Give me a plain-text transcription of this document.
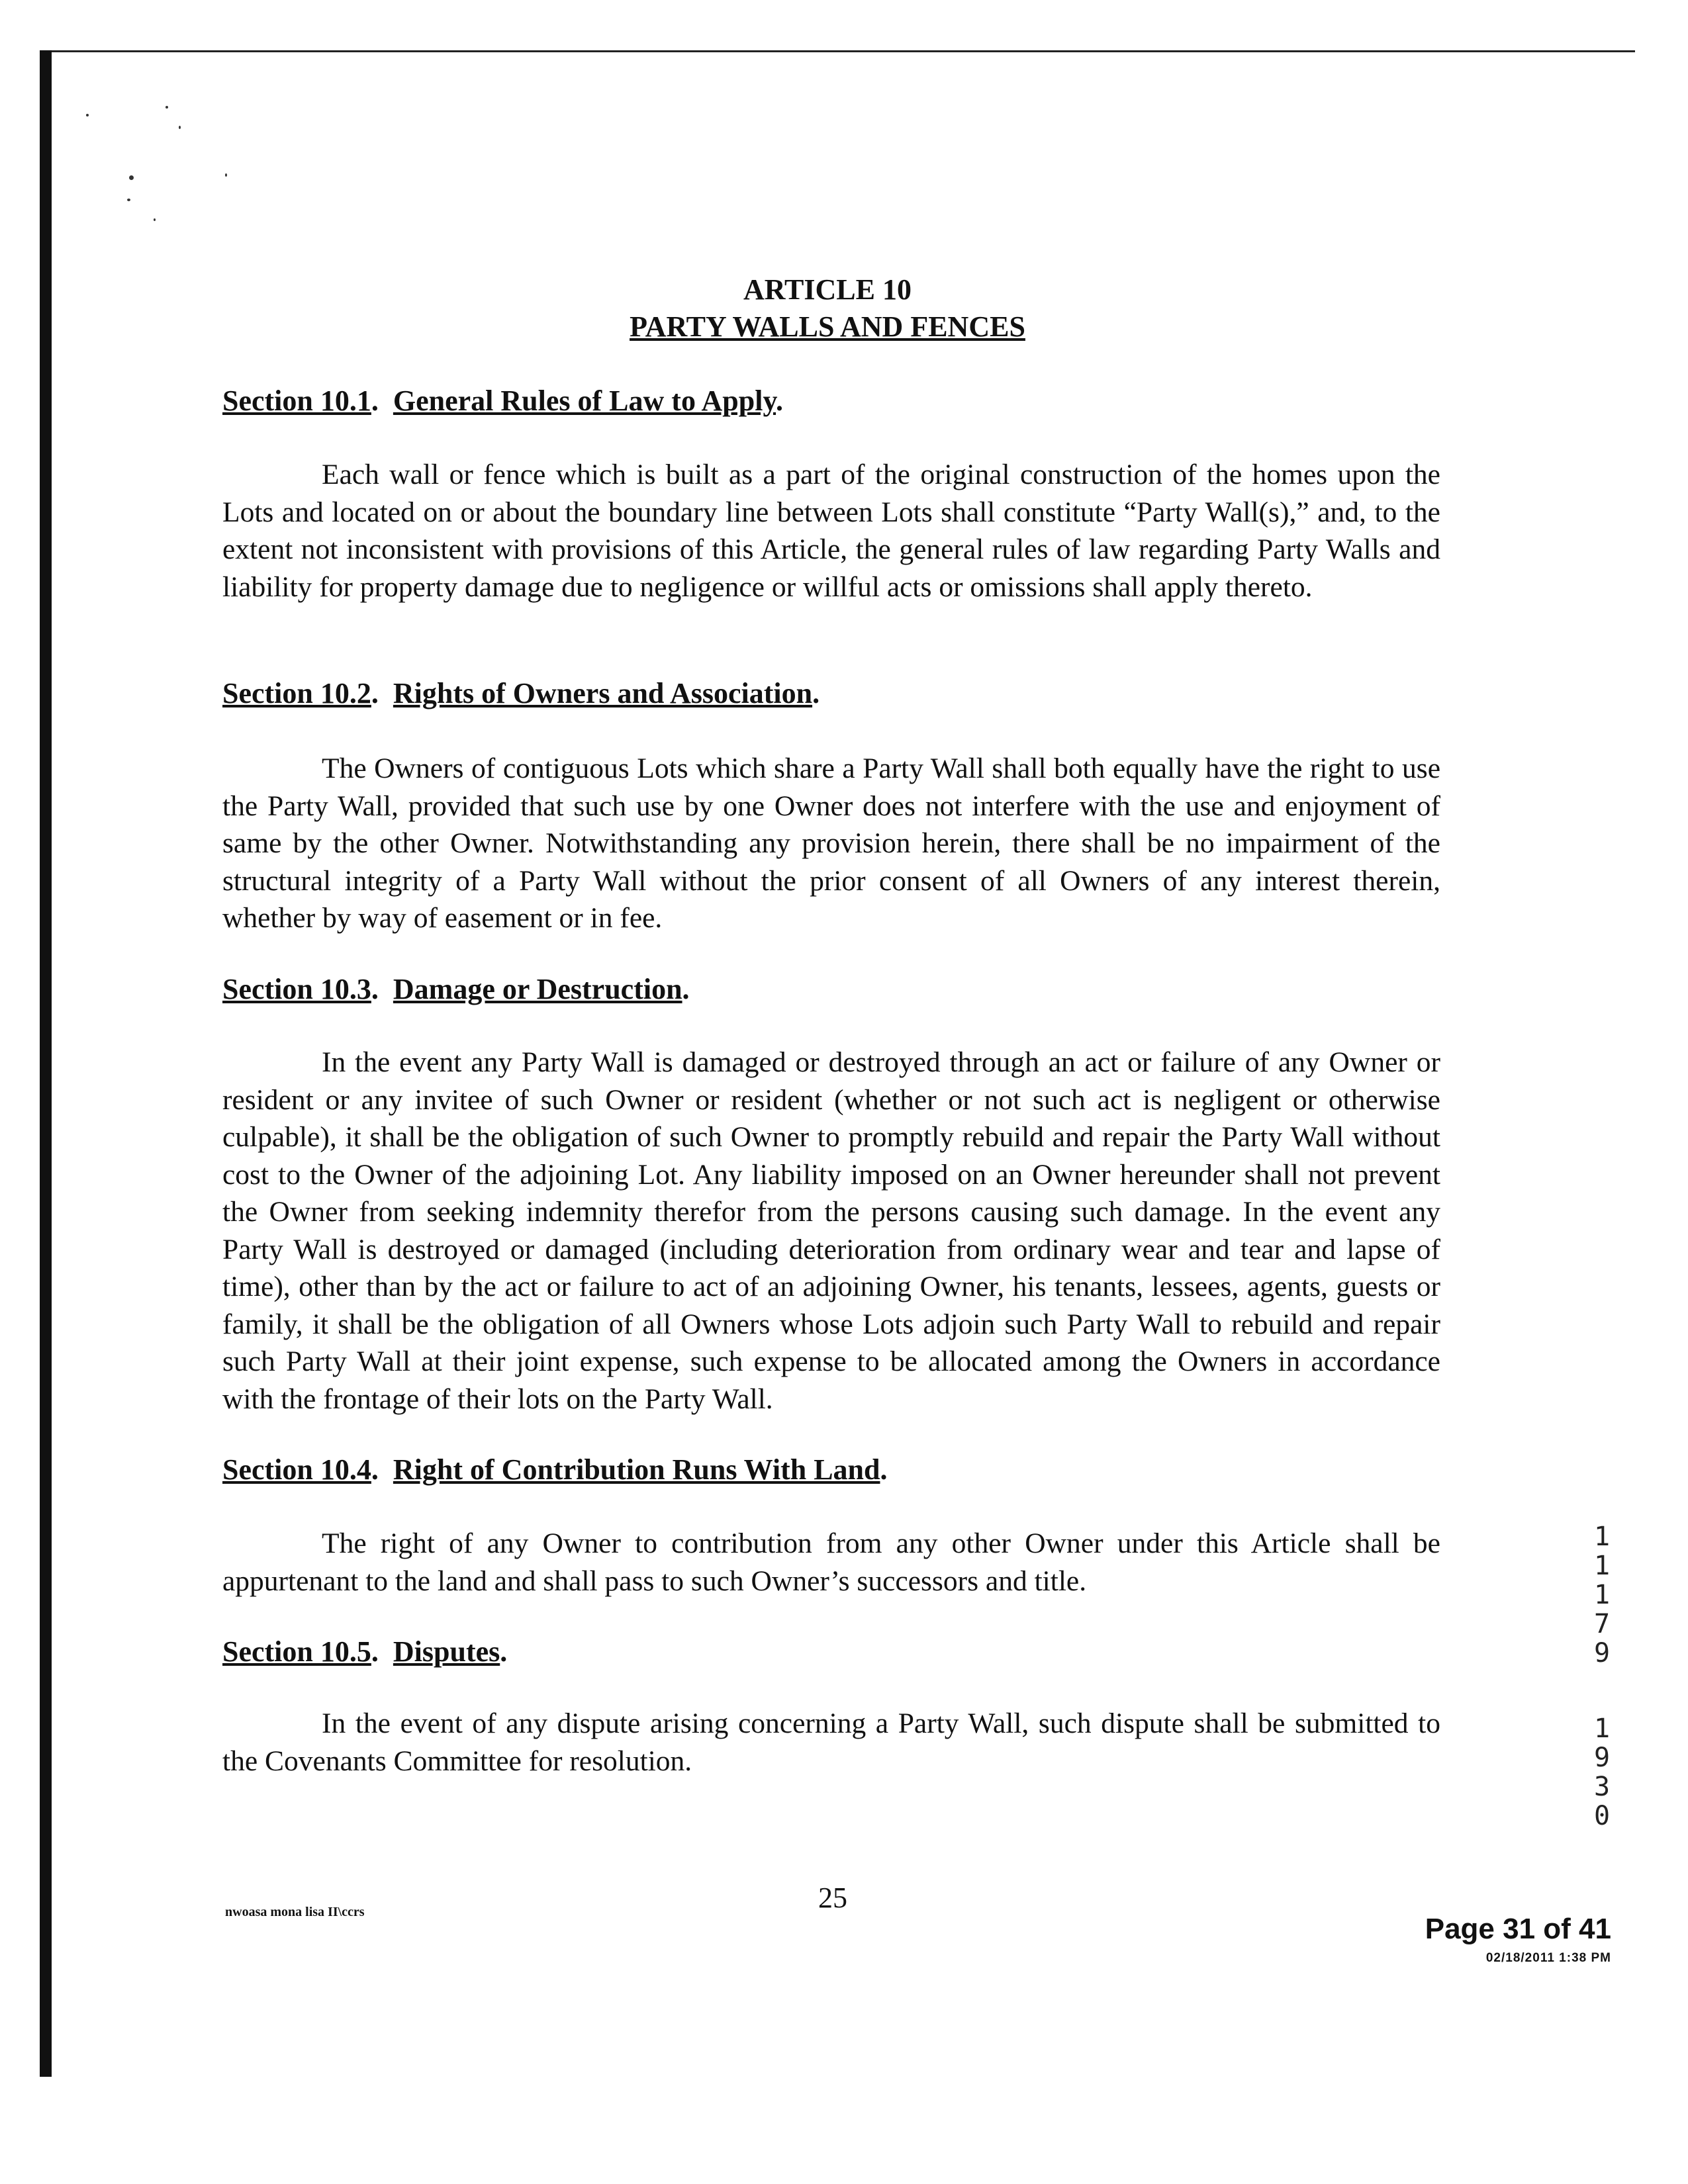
ARTICLE 10
PARTY WALLS AND FENCES
Section 10.1.  General Rules of Law to Apply.
Each wall or fence which is built as a part of the original construction of the homes upon the Lots and located on or about the boundary line between Lots shall constitute “Party Wall(s),” and, to the extent not inconsistent with provisions of this Article, the general rules of law regarding Party Walls and liability for property damage due to negligence or willful acts or omissions shall apply thereto.
Section 10.2.  Rights of Owners and Association.
The Owners of contiguous Lots which share a Party Wall shall both equally have the right to use the Party Wall, provided that such use by one Owner does not interfere with the use and enjoyment of same by the other Owner. Notwithstanding any provision herein, there shall be no impairment of the structural integrity of a Party Wall without the prior consent of all Owners of any interest therein, whether by way of easement or in fee.
Section 10.3.  Damage or Destruction.
In the event any Party Wall is damaged or destroyed through an act or failure of any Owner or resident or any invitee of such Owner or resident (whether or not such act is negligent or otherwise culpable), it shall be the obligation of such Owner to promptly rebuild and repair the Party Wall without cost to the Owner of the adjoining Lot. Any liability imposed on an Owner hereunder shall not prevent the Owner from seeking indemnity therefor from the persons causing such damage. In the event any Party Wall is destroyed or damaged (including deterioration from ordinary wear and tear and lapse of time), other than by the act or failure to act of an adjoining Owner, his tenants, lessees, agents, guests or family, it shall be the obligation of all Owners whose Lots adjoin such Party Wall to rebuild and repair such Party Wall at their joint expense, such expense to be allocated among the Owners in accordance with the frontage of their lots on the Party Wall.
Section 10.4.  Right of Contribution Runs With Land.
The right of any Owner to contribution from any other Owner under this Article shall be appurtenant to the land and shall pass to such Owner’s successors and title.
Section 10.5.  Disputes.
In the event of any dispute arising concerning a Party Wall, such dispute shall be submitted to the Covenants Committee for resolution.
nwoasa mona lisa II\ccrs	25
Page 31 of 41
02/18/2011 1:38 PM
1
1
1
7
9
1
9
3
0
